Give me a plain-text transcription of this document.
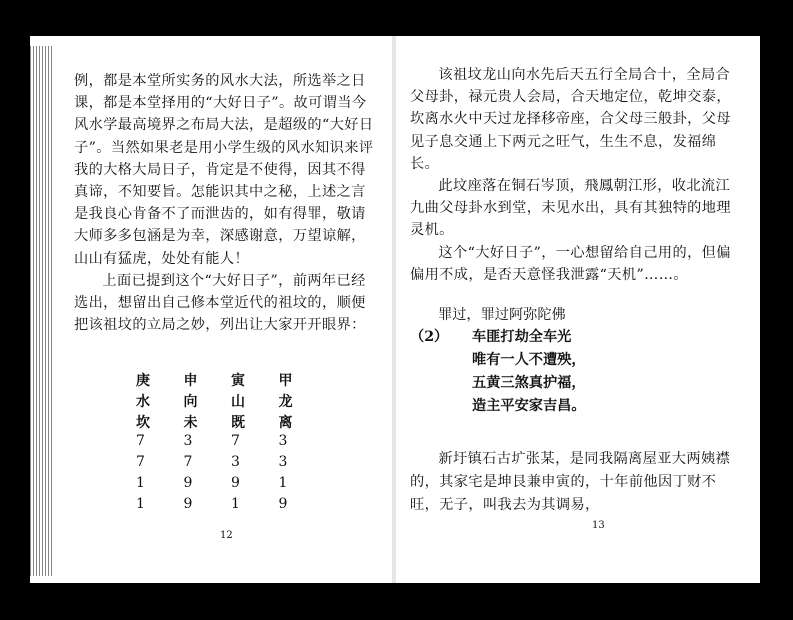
例，都是本堂所实务的风水大法，所选举之日课，都是本堂择用的“大好日子”。故可谓当今风水学最高境界之布局大法，是超级的“大好日子”。当然如果老是用小学生级的风水知识来评我的大格大局日子，肯定是不使得，因其不得真谛，不知要旨。怎能识其中之秘，上述之言是我良心肯备不了而泄齿的，如有得罪，敬请大师多多包涵是为幸，深感谢意，万望谅解，山山有猛虎，处处有能人！

上面已提到这个“大好日子”，前两年已经选出，想留出自己修本堂近代的祖坟的，顺便把该祖坟的立局之妙，列出让大家开开眼界：

庚	申	寅	甲
水	向	山	龙
坎	未	既	离
7	3	7	3
7	7	3	3
1	9	9	1
1	9	1	9
12

该祖坟龙山向水先后天五行全局合十，全局合父母卦，禄元贵人会局，合天地定位，乾坤交泰，坎离水火中天过龙择移帝座，合父母三般卦，父母见子息交通上下两元之旺气，生生不息，发福绵长。

此坟座落在铜石岑顶，飛鳳朝江形，收北流江九曲父母卦水到堂，未见水出，具有其独特的地理灵机。

这个“大好日子”，一心想留给自己用的，但偏偏用不成，是否天意怪我泄露“天机”……。

罪过，罪过阿弥陀佛
（2） 车匪打劫全车光
唯有一人不遭殃，
五黄三煞真护福，
造主平安家吉昌。

新圩镇石古圹张某，是同我隔离屋亚大两姨襟的，其家宅是坤艮兼申寅的，十年前他因丁财不旺，无子，叫我去为其调易，

13
